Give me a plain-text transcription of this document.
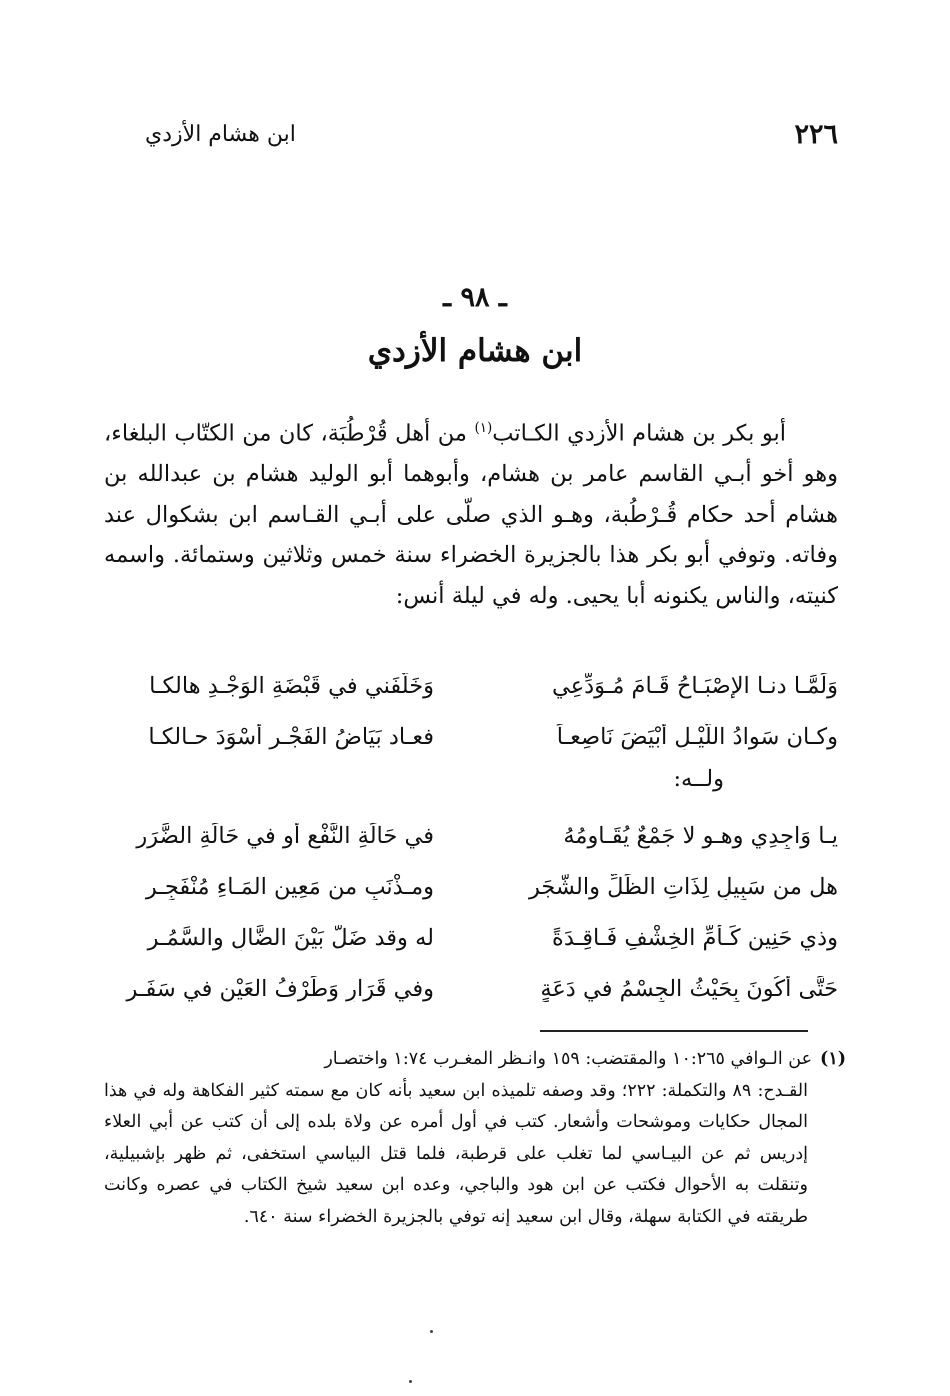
٢٢٦
ابن هشام الأزدي
ـ ٩٨ ـ
ابن هشام الأزدي

أبو بكر بن هشام الأزدي الكـاتب$^{(١)}$ من أهل قُرْطُبَة، كان من الكتّاب البلغاء، وهو أخو أبـي القاسم عامر بن هشام، وأبوهما أبو الوليد هشام بن عبدالله بن هشام أحد حكام قُـرْطُبة، وهـو الذي صلّى على أبـي القـاسم ابن بشكوال عند وفاته. وتوفي أبو بكر هذا بالجزيرة الخضراء سنة خمس وثلاثين وستمائة. واسمه كنيته، والناس يكنونه أبا يحيى. وله في ليلة أنس:

وَلَمَّـا دنـا الإِصْبَـاحُ قَـامَ مُـوَدِّعِي
وَخَلَّفَني في قَبْضَةِ الوَجْـدِ هالكـا
وكـان سَوادُ اللَّيْـلِ أَبْيَضَ نَاصِعـاً
فعـاد بَيَاضُ الفَجْـرِ أَسْوَدَ حـالكـا
ولــه:
يـا وَاجِدِي وهـو لا جَمْعٌ يُقَـاوِمُهُ
في حَالَةِ النَّفْعِ أو في حَالَةِ الضَّرَرِ
هل من سَبِيلٍ لِذَاتِ الظِّلِّ والشَّجَرِ
ومـذْنَبٍ من مَعِينِ المَـاءِ مُنْفَجِـرِ
وذي حَنِينٍ كَـأُمِّ الخِشْفِ فَـاقِـدَةً
له وقد ضَلَّ بَيْنَ الضَّالِ والسَّمُـرِ
حَتَّى أَكُونَ بِحَيْثُ الجِسْمُ في دَعَةٍ
وفي قَرَارٍ وَطَرْفُ العَيْنِ في سَفَـرِ

(١)عن الـوافي ١٠:٢٦٥ والمقتضب: ١٥٩ وانـظر المغـرب ١:٧٤ واختصـار

القـدح: ٨٩ والتكملة: ٢٢٢؛ وقد وصفه تلميذه ابن سعيد بأنه كان مع سمته كثير الفكاهة وله في هذا المجال حكايات وموشحات وأشعار. كتب في أول أمره عن ولاة بلده إلى أن كتب عن أبي العلاء إدريس ثم عن البيـاسي لما تغلب على قرطبة، فلما قتل البياسي استخفى، ثم ظهر بإشبيلية، وتنقلت به الأحوال فكتب عن ابن هود والباجي، وعده ابن سعيد شيخ الكتاب في عصره وكانت طريقته في الكتابة سهلة، وقال ابن سعيد إنه توفي بالجزيرة الخضراء سنة ٦٤٠.
